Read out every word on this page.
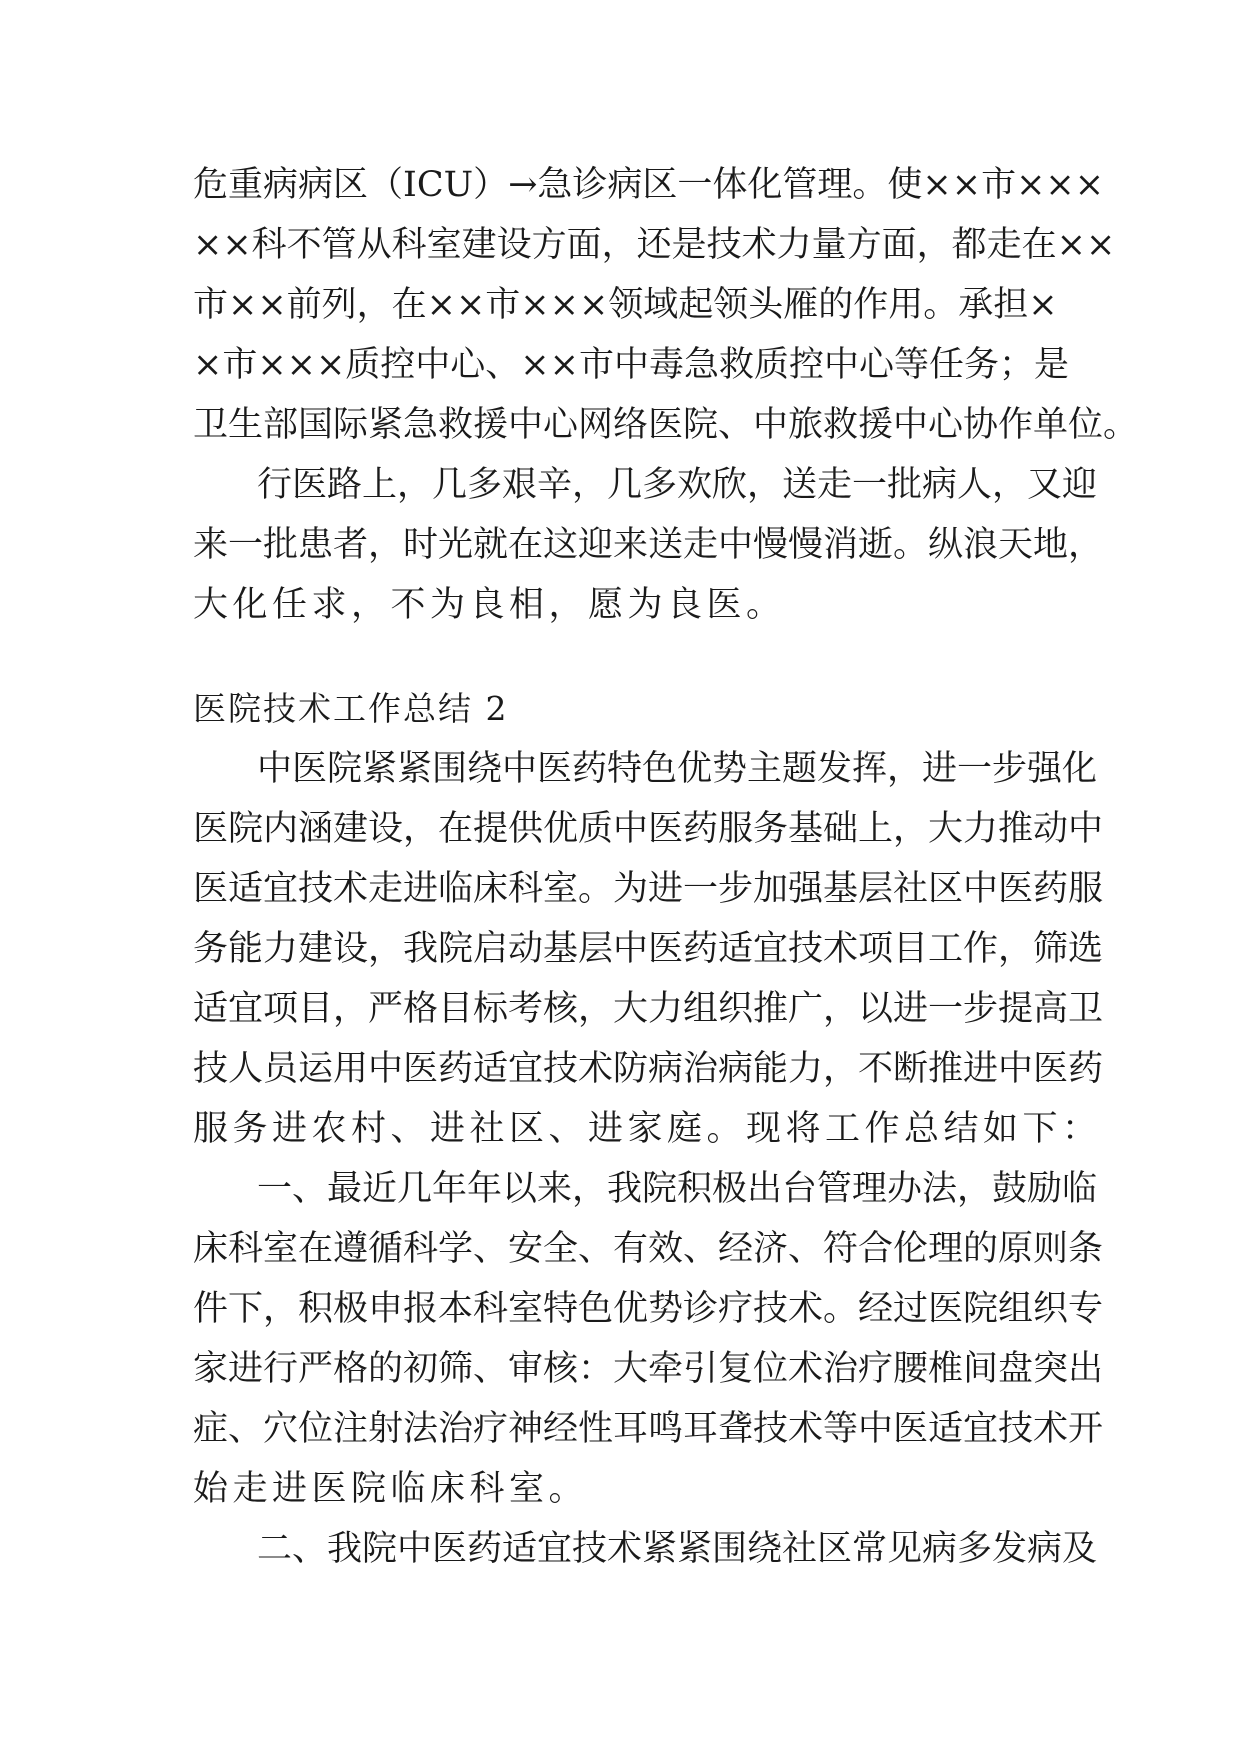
危重病病区（ICU）→急诊病区一体化管理。使××市×××
××科不管从科室建设方面，还是技术力量方面，都走在××
市××前列，在××市×××领域起领头雁的作用。承担×
×市×××质控中心、××市中毒急救质控中心等任务；是
卫生部国际紧急救援中心网络医院、中旅救援中心协作单位。
行医路上，几多艰辛，几多欢欣，送走一批病人，又迎
来一批患者，时光就在这迎来送走中慢慢消逝。纵浪天地，
大化任求，不为良相，愿为良医。
医院技术工作总结 2
中医院紧紧围绕中医药特色优势主题发挥，进一步强化
医院内涵建设，在提供优质中医药服务基础上，大力推动中
医适宜技术走进临床科室。为进一步加强基层社区中医药服
务能力建设，我院启动基层中医药适宜技术项目工作，筛选
适宜项目，严格目标考核，大力组织推广，以进一步提高卫
技人员运用中医药适宜技术防病治病能力，不断推进中医药
服务进农村、进社区、进家庭。现将工作总结如下：
一、最近几年年以来，我院积极出台管理办法，鼓励临
床科室在遵循科学、安全、有效、经济、符合伦理的原则条
件下，积极申报本科室特色优势诊疗技术。经过医院组织专
家进行严格的初筛、审核：大牵引复位术治疗腰椎间盘突出
症、穴位注射法治疗神经性耳鸣耳聋技术等中医适宜技术开
始走进医院临床科室。
二、我院中医药适宜技术紧紧围绕社区常见病多发病及
